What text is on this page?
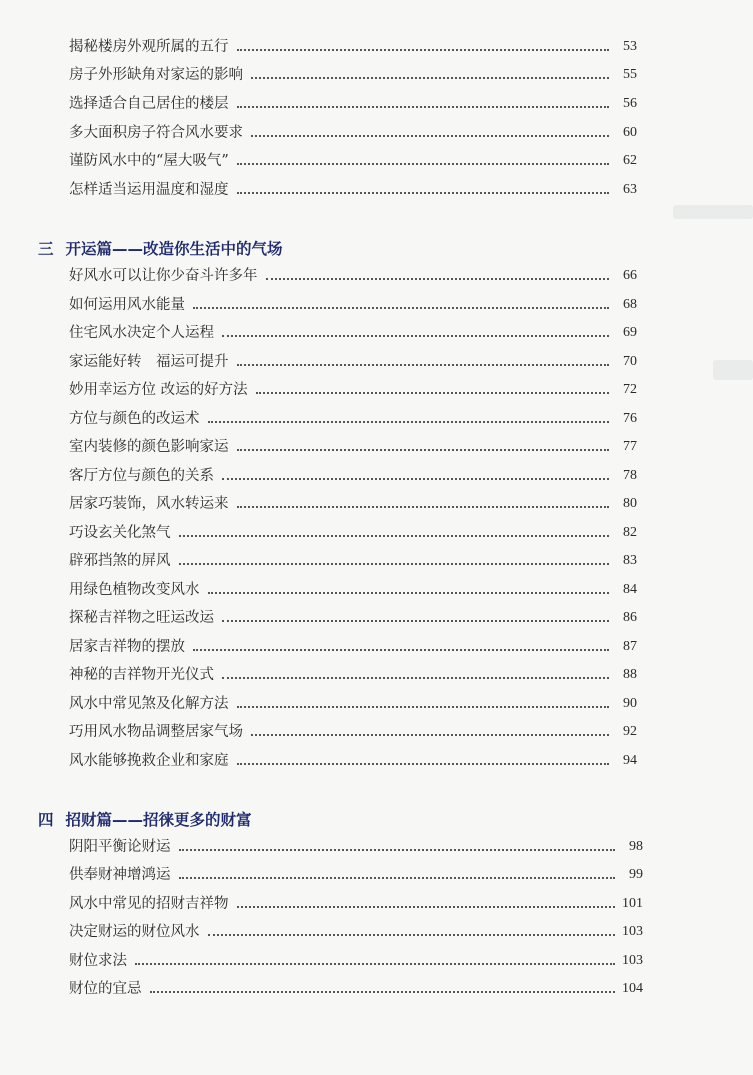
揭秘楼房外观所属的五行	53
房子外形缺角对家运的影响	55
选择适合自己居住的楼层	56
多大面积房子符合风水要求	60
谨防风水中的“屋大吸气”	62
怎样适当运用温度和湿度	63
三 开运篇——改造你生活中的气场
好风水可以让你少奋斗许多年	66
如何运用风水能量	68
住宅风水决定个人运程	69
家运能好转　福运可提升	70
妙用幸运方位 改运的好方法	72
方位与颜色的改运术	76
室内装修的颜色影响家运	77
客厅方位与颜色的关系	78
居家巧装饰，风水转运来	80
巧设玄关化煞气	82
辟邪挡煞的屏风	83
用绿色植物改变风水	84
探秘吉祥物之旺运改运	86
居家吉祥物的摆放	87
神秘的吉祥物开光仪式	88
风水中常见煞及化解方法	90
巧用风水物品调整居家气场	92
风水能够挽救企业和家庭	94
四 招财篇——招徕更多的财富
阴阳平衡论财运	98
供奉财神增鸿运	99
风水中常见的招财吉祥物	101
决定财运的财位风水	103
财位求法	103
财位的宜忌	104
